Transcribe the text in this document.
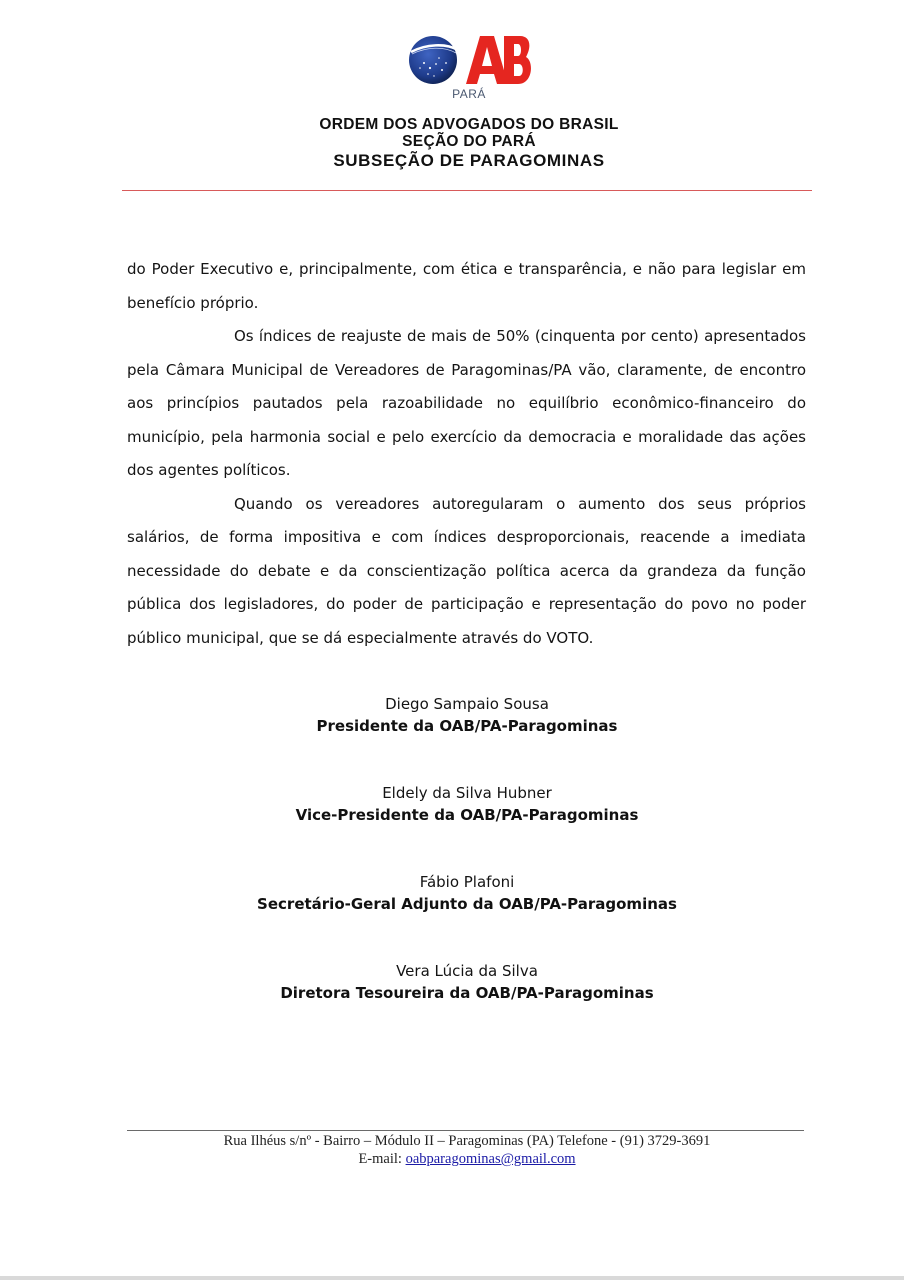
PARÁ
ORDEM DOS ADVOGADOS DO BRASIL
SEÇÃO DO PARÁ
SUBSEÇÃO DE PARAGOMINAS

do Poder Executivo e, principalmente, com ética e transparência, e não para legislar em benefício próprio.

Os índices de reajuste de mais de 50% (cinquenta por cento) apresentados pela Câmara Municipal de Vereadores de Paragominas/PA vão, claramente, de encontro aos princípios pautados pela razoabilidade no equilíbrio econômico-financeiro do município, pela harmonia social e pelo exercício da democracia e moralidade das ações dos agentes políticos.

Quando os vereadores autoregularam o aumento dos seus próprios salários, de forma impositiva e com índices desproporcionais, reacende a imediata necessidade do debate e da conscientização política acerca da grandeza da função pública dos legisladores, do poder de participação e representação do povo no poder público municipal, que se dá especialmente através do VOTO.

Diego Sampaio Sousa
Presidente da OAB/PA-Paragominas
Eldely da Silva Hubner
Vice-Presidente da OAB/PA-Paragominas
Fábio Plafoni
Secretário-Geral Adjunto da OAB/PA-Paragominas
Vera Lúcia da Silva
Diretora Tesoureira da OAB/PA-Paragominas
Rua Ilhéus s/nº - Bairro – Módulo II – Paragominas (PA) Telefone - (91) 3729-3691
E-mail: oabparagominas@gmail.com
